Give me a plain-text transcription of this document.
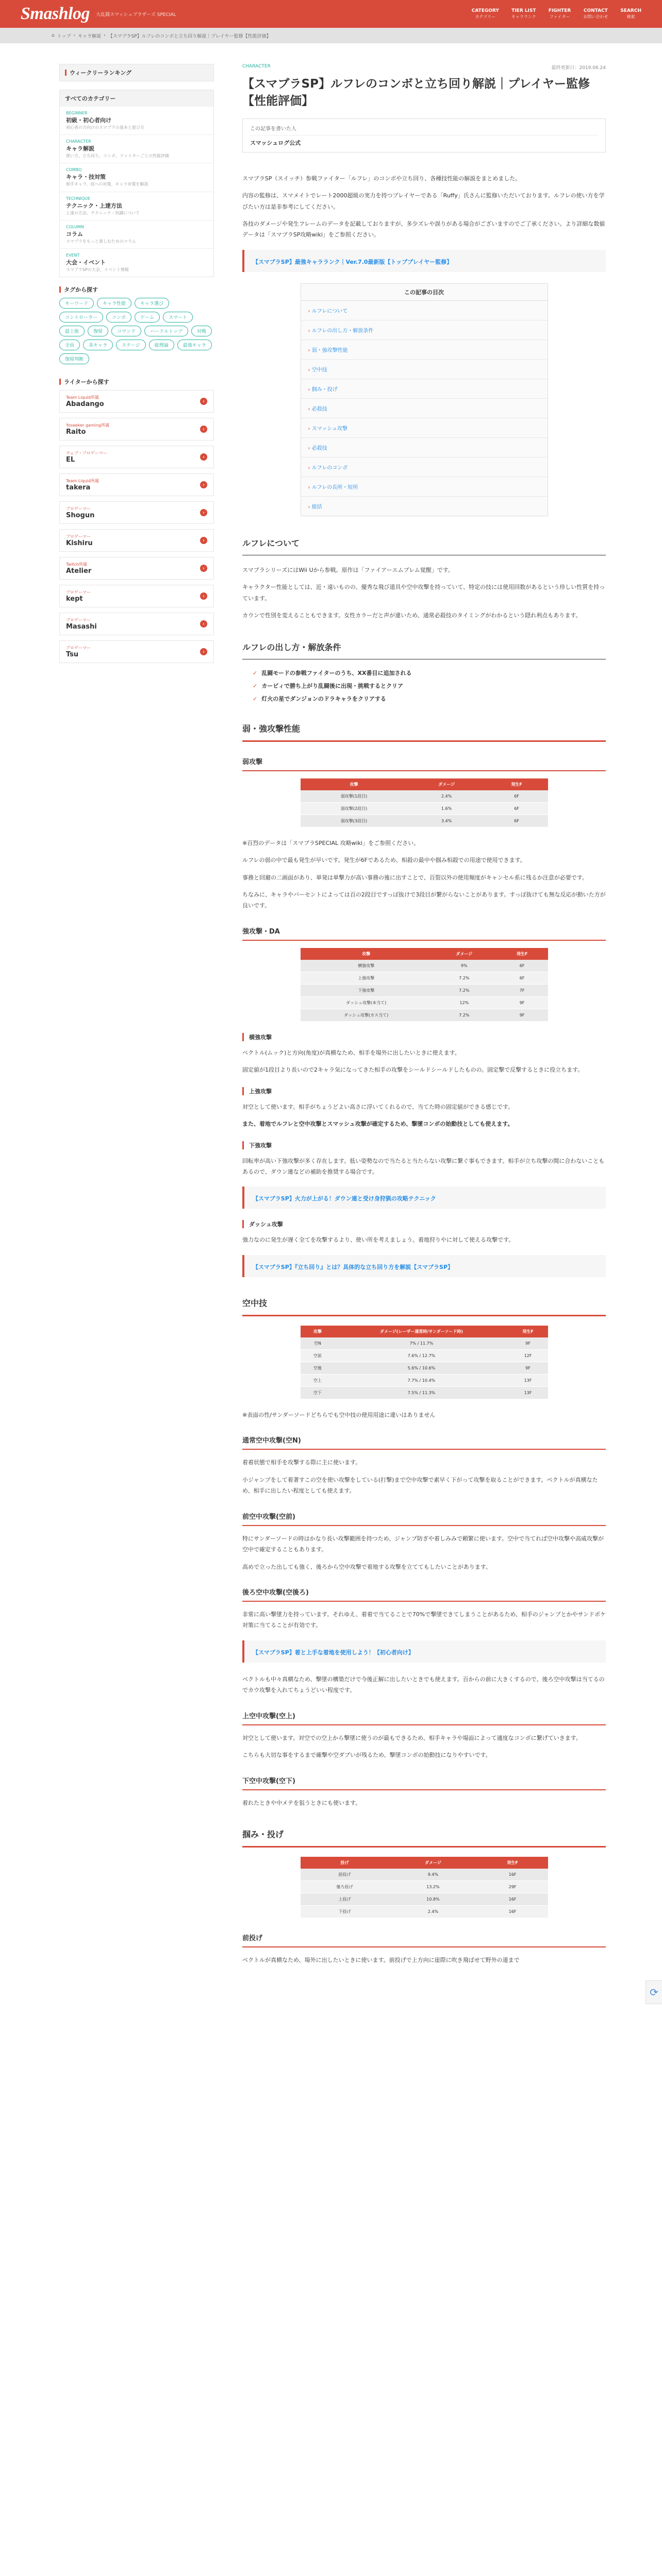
Smashlog 大乱闘スマッシュブラザーズ SPECIAL
CATEGORY
カテゴリー
TIER LIST
キャラランク
FIGHTER
ファイター
CONTACT
お問い合わせ
SEARCH
検索
⌂ トップ › キャラ解説 › 【スマブラSP】ルフレのコンボと立ち回り解説｜プレイヤー監修【性能評価】
ウィークリーランキング
すべてのカテゴリー
BEGINNER
初級・初心者向け
初心者の方向けのスマブラの基本と遊び方
CHARACTER
キャラ解説
使い方、立ち回り、コンボ、ファイターごとの性能評価
COMBO
キャラ・技対策
相手キャラ、技への対策、キャラ対策を解説
TECHNIQUE
テクニック・上達方法
上達の方法、テクニック・知識について
COLUMN
コラム
スマブラをもっと楽しむためのコラム
EVENT
大会・イベント
スマブラSPの大会、イベント情報
タグから探す
キーワード	キャラ性能	キャラ選び
コントローラー	コンボ	ゲーム	スマート
最上級	復帰	コマンド	ハードルトップ	対戦
全員	各キャラ	ステージ	総理論	最強キャラ
復帰判断
ライターから探す
Team Liquid所属
Abadango	›
Yoseeker gaming所属
Raito	›
ウェブ・プロゲーマー
EL	›
Team Liquid所属
takera	›
プロゲーマー
Shogun	›
プロゲーマー
Kishiru	›
Twitch所属
Atelier	›
プロゲーマー
kept	›
プロゲーマー
Masashi	›
プロゲーマー
Tsu	›
CHARACTER	最終更新日：2019.06.24
【スマブラSP】ルフレのコンボと立ち回り解説｜プレイヤー監修【性能評価】
この記事を書いた人
スマッシュログ公式

スマブラSP（スイッチ）参戦ファイター「ルフレ」のコンボや立ち回り、各種技性能の解説をまとめました。

内容の監修は、スマメイトでレート2000超級の実力を持つプレイヤーである「Ruffy」氏さんに監修いただいております。ルフレの使い方を学びたい方は是非参考にしてください。

各技のダメージや発生フレームのデータを記載しておりますが、多少ズレや誤りがある場合がございますのでご了承ください。より詳細な数値データは「スマブラSP攻略wiki」をご参照ください。

【スマブラSP】最強キャラランク｜Ver.7.0最新版【トッププレイヤー監修】
この記事の目次
› ルフレについて
› ルフレの出し方・解放条件
› 弱・強攻撃性能
› 空中技
› 掴み・投げ
› 必殺技
› スマッシュ攻撃
› 必殺技
› ルフレのコンボ
› ルフレの長所・短所
› 総括
ルフレについて

スマブラシリーズにはWii Uから参戦。原作は「ファイアーエムブレム覚醒」です。

キャラクター性能としては、近・遠いものの、優秀な飛び道具や空中攻撃を持っていて、特定の技には使用回数があるという珍しい性質を持っています。

カウンで性別を変えることもできます。女性カラーだと声が違いため、通常必殺技のタイミングがわかるという隠れ利点もあります。

ルフレの出し方・解放条件
✓ 乱闘モードの参戦ファイターのうち、XX番目に追加される
✓ カービィで勝ち上がり乱闘後に出現・挑戦するとクリア
✓ 灯火の星でダンジョンのドラキャラをクリアする
弱・強攻撃性能
弱攻撃
攻撃	ダメージ	発生F
弱攻撃(1段目)	2.4%	6F
弱攻撃(2段目)	1.6%	6F
弱攻撃(3段目)	3.4%	6F

※百烈のデータは「スマブラSPECIAL 攻略wiki」をご参照ください。

ルフレの弱の中で最も発生が早いです。発生が6Fであるため、相殺の最中や掴み相殺での用途で使用できます。

事務と回避の二画面があり、単発は単撃力が高い事務の後に出すことで、百裂以外の使用頻度がキャンセル系に残るか注意が必要です。

ちなみに、キャラやバーセントによっては百の2段目ですっぽ抜けで3段目が繋がらないことがあります。すっぽ抜けても無な反応が動いた方が良いです。

強攻撃・DA
攻撃	ダメージ	発生F
横強攻撃	9%	6F
上強攻撃	7.2%	6F
下強攻撃	7.2%	7F
ダッシュ攻撃(本当て)	12%	9F
ダッシュ攻撃(カス当て)	7.2%	9F
横強攻撃

ペクトル(ムック)と方向(角度)が真横なため、相手を場外に出したいときに使えます。

固定値が1段目より長いので2キャラ気になってきた相手の攻撃をシールドシールドしたものの。固定撃で反撃するときに役立ちます。

上強攻撃

対空として使います。相手がちょうどよい高さに浮いてくれるので、当てた時の固定値ができる感じです。

また、着地でルフレと空中攻撃とスマッシュ攻撃が確定するため、撃墜コンボの始動技としても使えます。

下強攻撃

回転率が高い下強攻撃が多く存在します。低い姿勢なので当たると当たらない攻撃に繋ぐ事もできます。相手が立ち攻撃の間に合わないこともあるので、ダウン連などの補助を推奨する場合です。

【スマブラSP】火力が上がる！ダウン連と受け身狩猟の攻略テクニック
ダッシュ攻撃

強力なのに発生が遅く全てを攻撃するより、使い所を考えましょう。着地狩りやに対して使える攻撃です。

【スマブラSP】『立ち回り』とは？具体的な立ち回り方を解説【スマブラSP】
空中技
攻撃	ダメージ(レーザー通常時/サンダーソード時)	発生F
空N	7% / 11.7%	9F
空前	7.6% / 12.7%	12F
空後	5.6% / 10.6%	9F
空上	7.7% / 10.4%	13F
空下	7.5% / 11.3%	13F

※表面の性/サンダーソードどちらでも空中技の使用用途に違いはありません

通常空中攻撃(空N)

着着状態で相手を攻撃する際に主に使います。

小ジャンプをして着著すこの空を使い攻撃をしている(打撃)まで空中攻撃で素早く下がって攻撃を取ることができます。ベクトルが真横なため、相手に出したい程度としても使えます。

前空中攻撃(空前)

特にサンダーソードの時はかなり長い攻撃範囲を持つため、ジャンプ防ぎや着しみみで頼繁に使います。空中で当てれば空中攻撃や高威攻撃が空中で確定することもあります。

高めで立った出しても強く、後ろから空中攻撃で着地する攻撃を立ててもしたいことがあります。

後ろ空中攻撃(空後ろ)

非常に高い撃墜力を持っています。それゆえ、着着で当てることで70%で撃墜できてしまうことがあるため、相手のジャンプとかやサンドポケ対策に当てることが有効です。

【スマブラSP】着と上手な着地を使用しよう！【初心者向け】

ベクトルも中々真横なため、撃墜の構築だけで今後正解に出したいときでも使えます。百からの前に大きくするので、後ろ空中攻撃は当てるのでカウ攻撃を入れてちょうどいい程度です。

上空中攻撃(空上)

対空として使います。対空での空上から撃墜に使うのが最もできるため、相手キャラや場面によって適度なコンボに繋げていきます。

こちらも大切な事をするまで確撃や空ダブいが残るため、撃墜コンボの始動技になりやすいです。

下空中攻撃(空下)

着れたときや中メテを狙うときにも使います。

掴み・投げ
投げ	ダメージ	発生F
前投げ	9.4%	16F
後ろ投げ	13.2%	29F
上投げ	10.8%	16F
下投げ	2.4%	16F
前投げ

ベクトルが真横なため、場外に出したいときに使います。前投げで上方向に崖際に吹き飛ばせて野外の道まで

⟳
